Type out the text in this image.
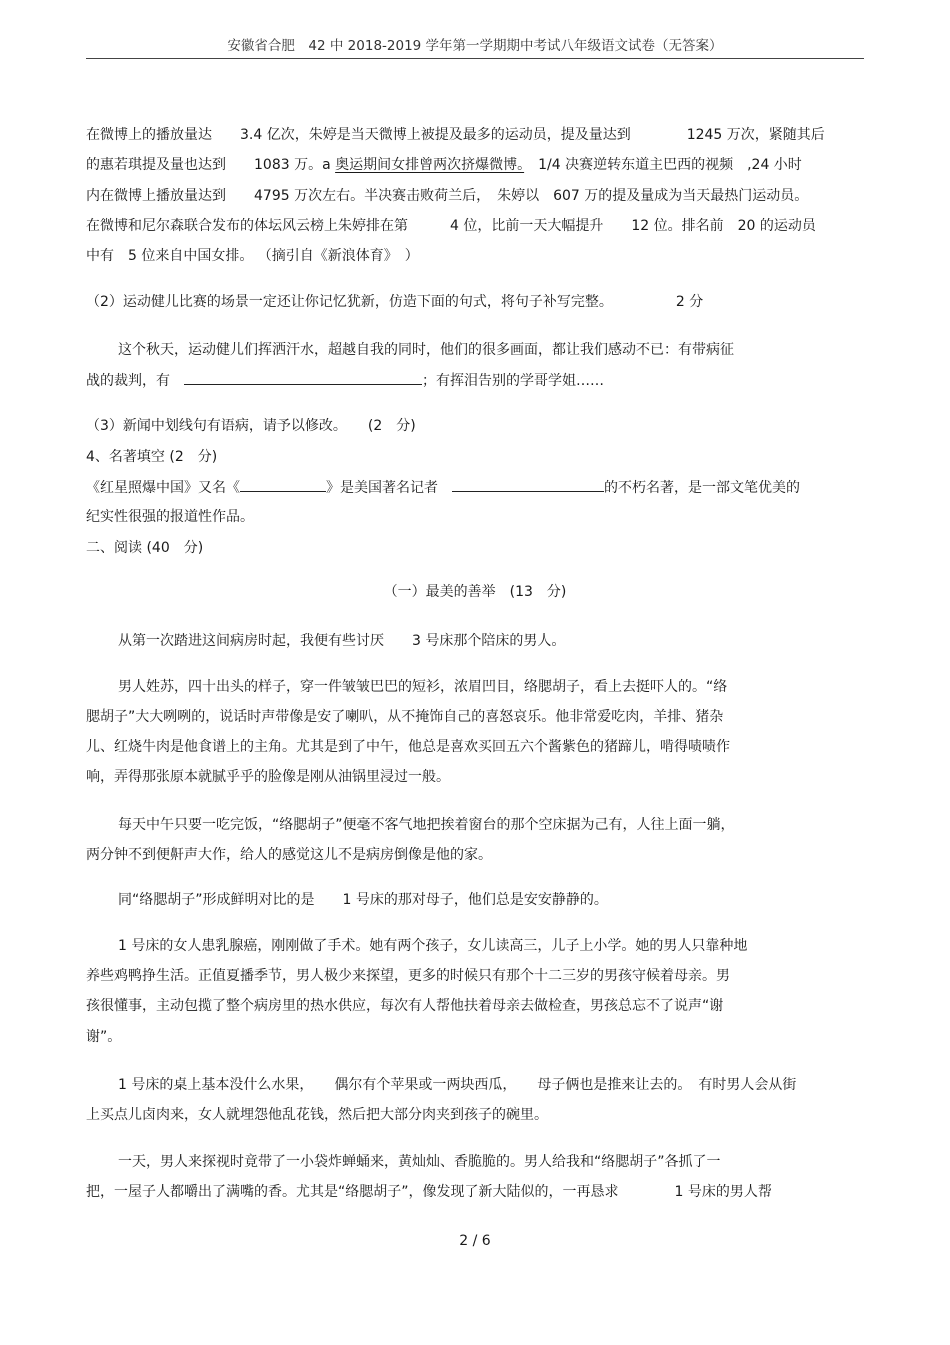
安徽省合肥　42 中 2018-2019 学年第一学期期中考试八年级语文试卷（无答案）
在微博上的播放量达　　3.4 亿次，朱婷是当天微博上被提及最多的运动员，提及量达到　　　　1245 万次，紧随其后
的惠若琪提及量也达到　　1083 万。a 奥运期间女排曾两次挤爆微博。　1/4 决赛逆转东道主巴西的视频　,24 小时
内在微博上播放量达到　　4795 万次左右。半决赛击败荷兰后，　朱婷以　607 万的提及量成为当天最热门运动员。
在微博和尼尔森联合发布的体坛风云榜上朱婷排在第　　　4 位，比前一天大幅提升　　12 位。排名前　20 的运动员
中有　5 位来自中国女排。 （摘引自《新浪体育》　）
（2）运动健儿比赛的场景一定还让你记忆犹新，仿造下面的句式，将句子补写完整。　　　　　2 分
这个秋天，运动健儿们挥洒汗水，超越自我的同时，他们的很多画面，都让我们感动不已：有带病征
战的裁判，有　	；有挥泪告别的学哥学姐……
（3）新闻中划线句有语病，请予以修改。　　(2　分)
4、名著填空 (2　分)
《红星照爆中国》又名《	》是美国著名记者　	的不朽名著，是一部文笔优美的
纪实性很强的报道性作品。
二、阅读 (40　分)
（一）最美的善举　(13　分)
从第一次踏进这间病房时起，我便有些讨厌　　3 号床那个陪床的男人。
男人姓苏，四十出头的样子，穿一件皱皱巴巴的短衫，浓眉凹目，络腮胡子，看上去挺吓人的。“络
腮胡子”大大咧咧的，说话时声带像是安了喇叭，从不掩饰自己的喜怒哀乐。他非常爱吃肉，羊排、猪杂
儿、红烧牛肉是他食谱上的主角。尤其是到了中午，他总是喜欢买回五六个酱紫色的猪蹄儿，啃得啧啧作
响，弄得那张原本就腻乎乎的脸像是刚从油锅里浸过一般。
每天中午只要一吃完饭，“络腮胡子”便毫不客气地把挨着窗台的那个空床据为己有，人往上面一躺，
两分钟不到便鼾声大作，给人的感觉这儿不是病房倒像是他的家。
同“络腮胡子”形成鲜明对比的是　　1 号床的那对母子，他们总是安安静静的。
1 号床的女人患乳腺癌，刚刚做了手术。她有两个孩子，女儿读高三，儿子上小学。她的男人只靠种地
养些鸡鸭挣生活。正值夏播季节，男人极少来探望，更多的时候只有那个十二三岁的男孩守候着母亲。男
孩很懂事，主动包揽了整个病房里的热水供应，每次有人帮他扶着母亲去做检查，男孩总忘不了说声“谢
谢”。
1 号床的桌上基本没什么水果，　　偶尔有个苹果或一两块西瓜，　　母子俩也是推来让去的。　有时男人会从街
上买点儿卤肉来，女人就埋怨他乱花钱，然后把大部分肉夹到孩子的碗里。
一天，男人来探视时竟带了一小袋炸蝉蛹来，黄灿灿、香脆脆的。男人给我和“络腮胡子”各抓了一
把，一屋子人都嚼出了满嘴的香。尤其是“络腮胡子”，像发现了新大陆似的，一再恳求　　　　1 号床的男人帮
2 / 6
